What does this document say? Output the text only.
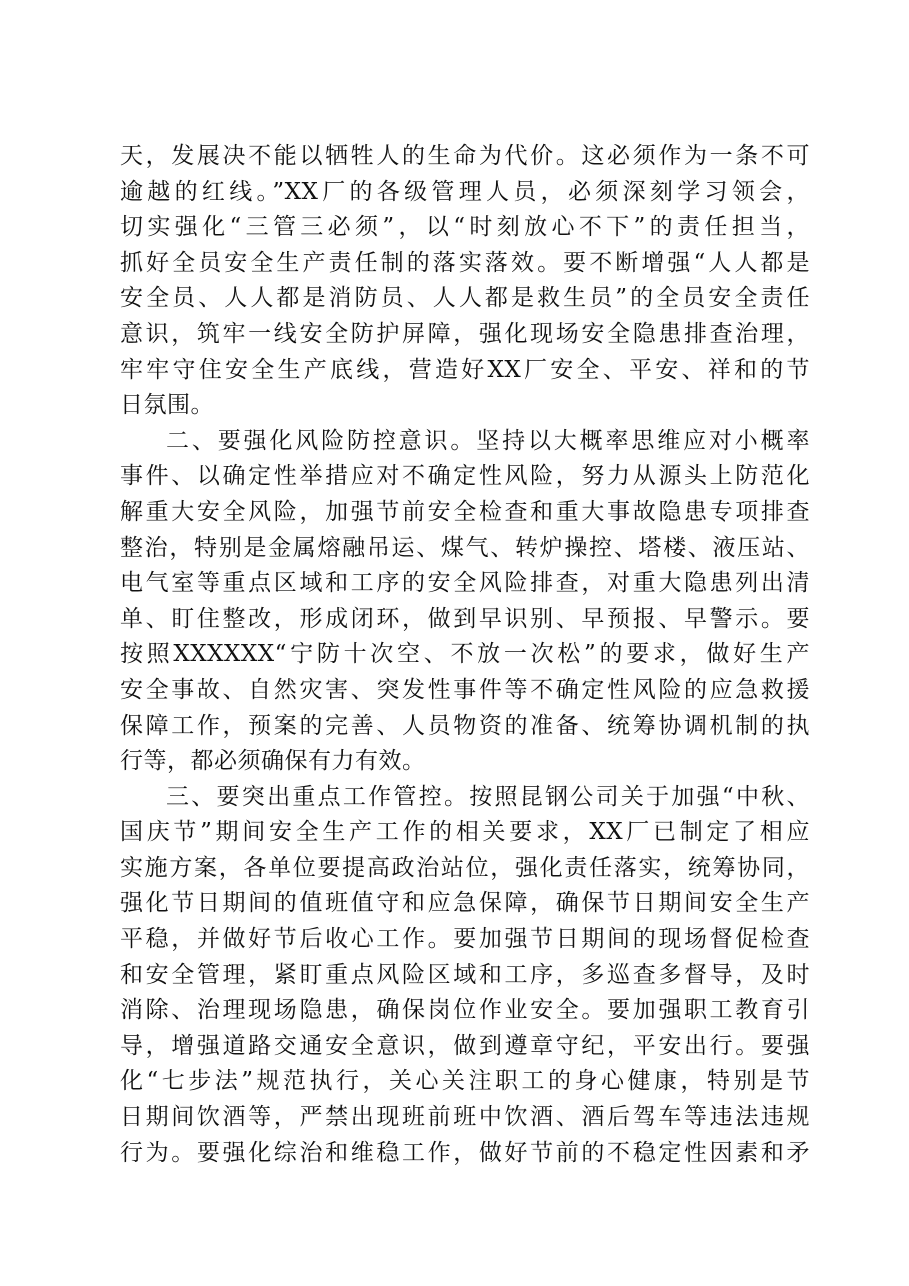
天，发展决不能以牺牲人的生命为代价。这必须作为一条不可
逾越的红线。”XX厂的各级管理人员，必须深刻学习领会，
切实强化“三管三必须”，以“时刻放心不下”的责任担当，
抓好全员安全生产责任制的落实落效。要不断增强“人人都是
安全员、人人都是消防员、人人都是救生员”的全员安全责任
意识，筑牢一线安全防护屏障，强化现场安全隐患排查治理，
牢牢守住安全生产底线，营造好XX厂安全、平安、祥和的节
日氛围。
二、要强化风险防控意识。坚持以大概率思维应对小概率
事件、以确定性举措应对不确定性风险，努力从源头上防范化
解重大安全风险，加强节前安全检查和重大事故隐患专项排查
整治，特别是金属熔融吊运、煤气、转炉操控、塔楼、液压站、
电气室等重点区域和工序的安全风险排查，对重大隐患列出清
单、盯住整改，形成闭环，做到早识别、早预报、早警示。要
按照XXXXXX“宁防十次空、不放一次松”的要求，做好生产
安全事故、自然灾害、突发性事件等不确定性风险的应急救援
保障工作，预案的完善、人员物资的准备、统筹协调机制的执
行等，都必须确保有力有效。
三、要突出重点工作管控。按照昆钢公司关于加强“中秋、
国庆节”期间安全生产工作的相关要求，XX厂已制定了相应
实施方案，各单位要提高政治站位，强化责任落实，统筹协同，
强化节日期间的值班值守和应急保障，确保节日期间安全生产
平稳，并做好节后收心工作。要加强节日期间的现场督促检查
和安全管理，紧盯重点风险区域和工序，多巡查多督导，及时
消除、治理现场隐患，确保岗位作业安全。要加强职工教育引
导，增强道路交通安全意识，做到遵章守纪，平安出行。要强
化“七步法”规范执行，关心关注职工的身心健康，特别是节
日期间饮酒等，严禁出现班前班中饮酒、酒后驾车等违法违规
行为。要强化综治和维稳工作，做好节前的不稳定性因素和矛
